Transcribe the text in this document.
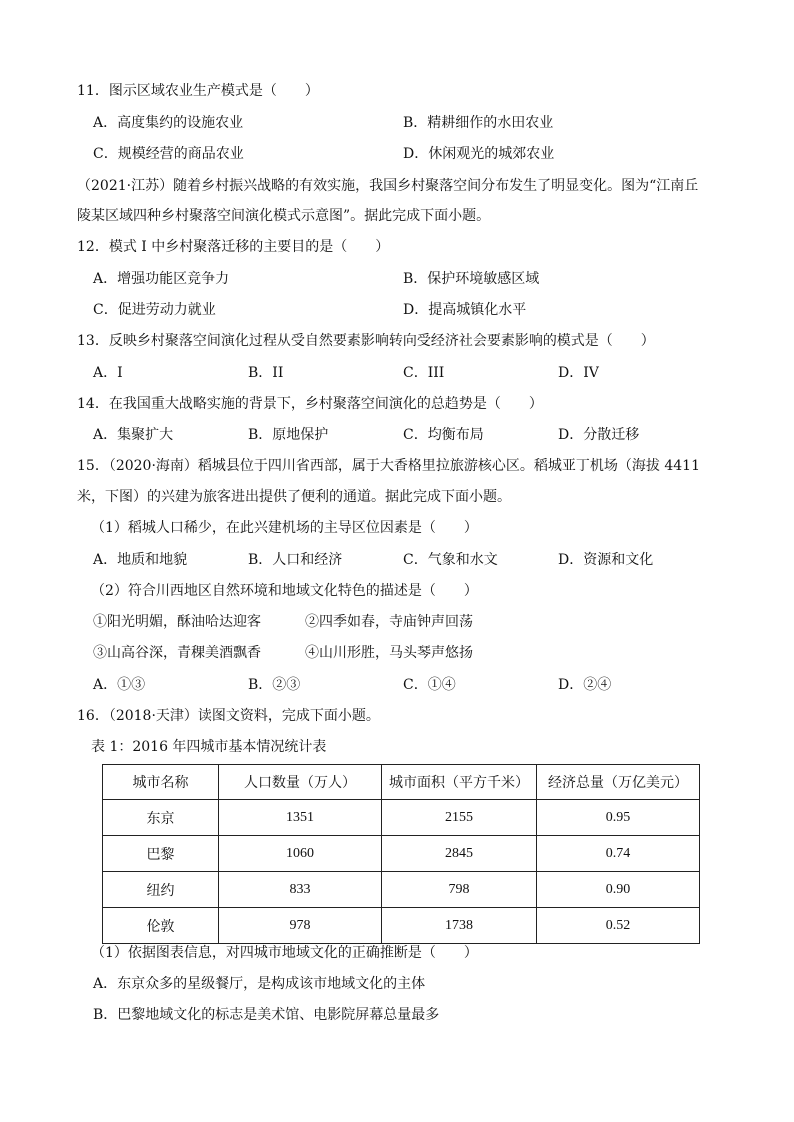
11．图示区域农业生产模式是（　　）
A．高度集约的设施农业	B．精耕细作的水田农业
C．规模经营的商品农业	D．休闲观光的城郊农业
（2021·江苏）随着乡村振兴战略的有效实施，我国乡村聚落空间分布发生了明显变化。图为“江南丘
陵某区域四种乡村聚落空间演化模式示意图”。据此完成下面小题。
12．模式 I 中乡村聚落迁移的主要目的是（　　）
A．增强功能区竞争力	B．保护环境敏感区域
C．促进劳动力就业	D．提高城镇化水平
13．反映乡村聚落空间演化过程从受自然要素影响转向受经济社会要素影响的模式是（　　）
A．I	B．II	C．III	D．IV
14．在我国重大战略实施的背景下，乡村聚落空间演化的总趋势是（　　）
A．集聚扩大	B．原地保护	C．均衡布局	D．分散迁移
15．（2020·海南）稻城县位于四川省西部，属于大香格里拉旅游核心区。稻城亚丁机场（海拔 4411
米，下图）的兴建为旅客进出提供了便利的通道。据此完成下面小题。
（1）稻城人口稀少，在此兴建机场的主导区位因素是（　　）
A．地质和地貌	B．人口和经济	C．气象和水文	D．资源和文化
（2）符合川西地区自然环境和地域文化特色的描述是（　　）
①阳光明媚，酥油哈达迎客	②四季如春，寺庙钟声回荡
③山高谷深，青稞美酒飘香	④山川形胜，马头琴声悠扬
A．①③	B．②③	C．①④	D．②④
16．（2018·天津）读图文资料，完成下面小题。
表 1：2016 年四城市基本情况统计表
城市名称	人口数量（万人）	城市面积（平方千米）	经济总量（万亿美元）
东京	1351	2155	0.95
巴黎	1060	2845	0.74
纽约	833	798	0.90
伦敦	978	1738	0.52
（1）依据图表信息，对四城市地域文化的正确推断是（　　）
A．东京众多的星级餐厅，是构成该市地域文化的主体
B．巴黎地域文化的标志是美术馆、电影院屏幕总量最多
